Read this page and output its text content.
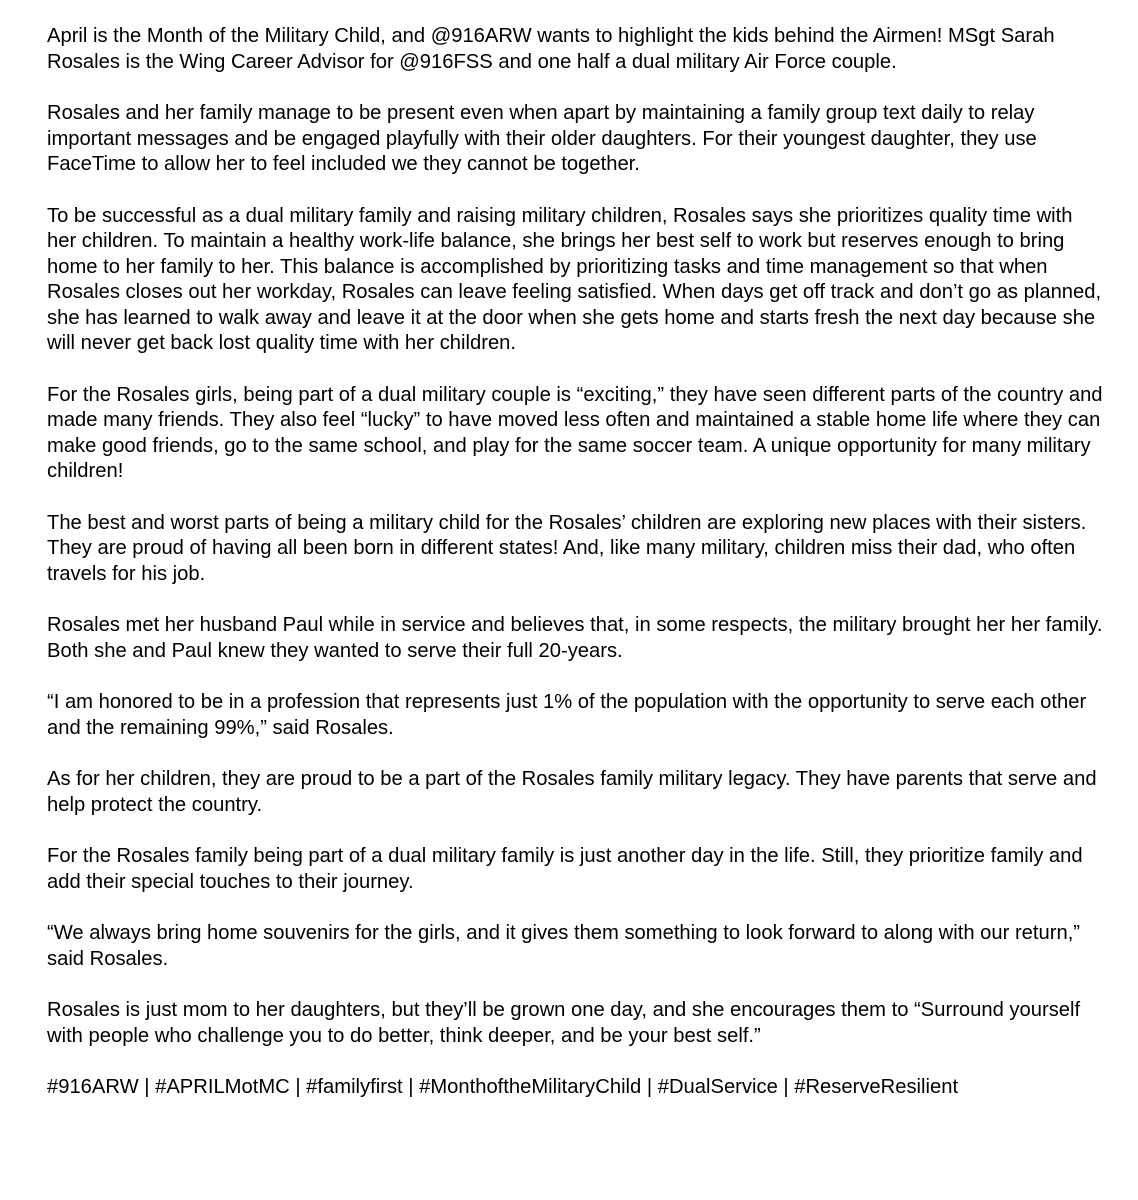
April is the Month of the Military Child, and @916ARW wants to highlight the kids behind the Airmen! MSgt Sarah Rosales is the Wing Career Advisor for @916FSS and one half a dual military Air Force couple.

Rosales and her family manage to be present even when apart by maintaining a family group text daily to relay important messages and be engaged playfully with their older daughters. For their youngest daughter, they use FaceTime to allow her to feel included we they cannot be together.

To be successful as a dual military family and raising military children, Rosales says she prioritizes quality time with her children. To maintain a healthy work-life balance, she brings her best self to work but reserves enough to bring home to her family to her. This balance is accomplished by prioritizing tasks and time management so that when Rosales closes out her workday, Rosales can leave feeling satisfied. When days get off track and don’t go as planned, she has learned to walk away and leave it at the door when she gets home and starts fresh the next day because she will never get back lost quality time with her children.

For the Rosales girls, being part of a dual military couple is “exciting,” they have seen different parts of the country and made many friends. They also feel “lucky” to have moved less often and maintained a stable home life where they can make good friends, go to the same school, and play for the same soccer team. A unique opportunity for many military children!

The best and worst parts of being a military child for the Rosales’ children are exploring new places with their sisters. They are proud of having all been born in different states! And, like many military, children miss their dad, who often travels for his job.

Rosales met her husband Paul while in service and believes that, in some respects, the military brought her her family. Both she and Paul knew they wanted to serve their full 20-years.

“I am honored to be in a profession that represents just 1% of the population with the opportunity to serve each other and the remaining 99%,” said Rosales.

As for her children, they are proud to be a part of the Rosales family military legacy. They have parents that serve and help protect the country.

For the Rosales family being part of a dual military family is just another day in the life. Still, they prioritize family and add their special touches to their journey.

“We always bring home souvenirs for the girls, and it gives them something to look forward to along with our return,” said Rosales.

Rosales is just mom to her daughters, but they’ll be grown one day, and she encourages them to “Surround yourself with people who challenge you to do better, think deeper, and be your best self.”

#916ARW | #APRILMotMC | #familyfirst | #MonthoftheMilitaryChild | #DualService | #ReserveResilient
